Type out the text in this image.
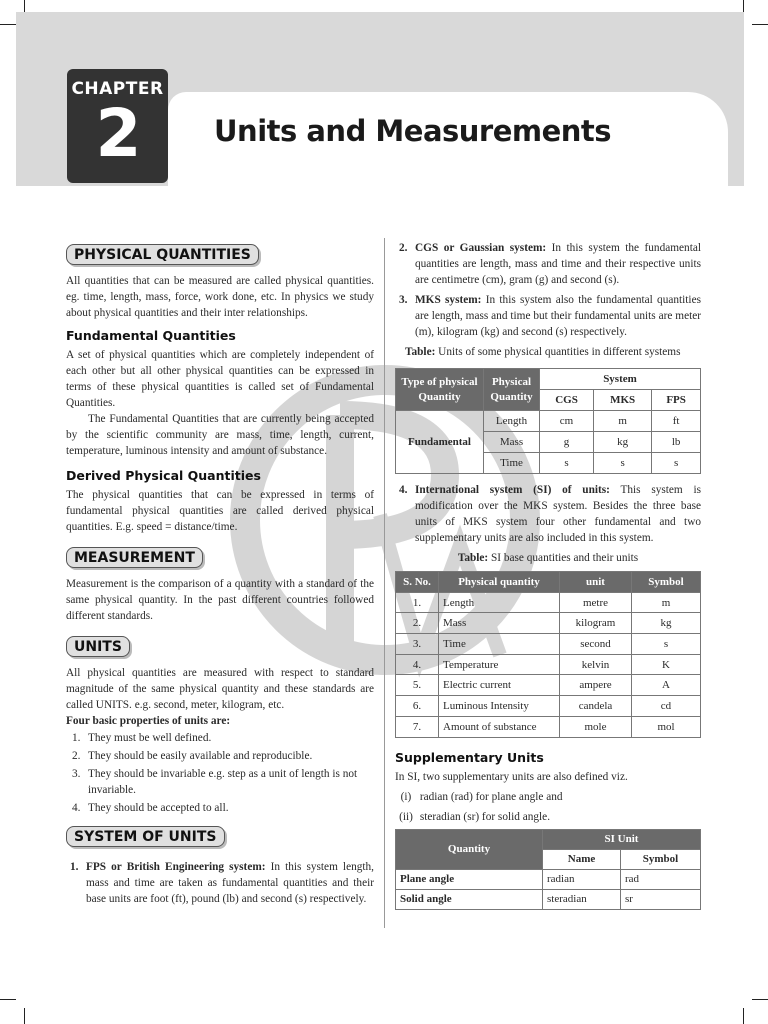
CHAPTER
2	Units and Measurements
PHYSICAL QUANTITIES

All quantities that can be measured are called physical quantities. eg. time, length, mass, force, work done, etc. In physics we study about physical quantities and their inter relationships.

Fundamental Quantities

A set of physical quantities which are completely independent of each other but all other physical quantities can be expressed in terms of these physical quantities is called set of Fundamental Quantities.

The Fundamental Quantities that are currently being accepted by the scientific community are mass, time, length, current, temperature, luminous intensity and amount of substance.

Derived Physical Quantities

The physical quantities that can be expressed in terms of fundamental physical quantities are called derived physical quantities. E.g. speed = distance/time.

MEASUREMENT

Measurement is the comparison of a quantity with a standard of the same physical quantity. In the past different countries followed different standards.

UNITS

All physical quantities are measured with respect to standard magnitude of the same physical quantity and these standards are called UNITS. e.g. second, meter, kilogram, etc.

Four basic properties of units are:

1. They must be well defined.
2. They should be easily available and reproducible.
3. They should be invariable e.g. step as a unit of length is not invariable.
4. They should be accepted to all.
SYSTEM OF UNITS
1. FPS or British Engineering system: In this system length, mass and time are taken as fundamental quantities and their base units are foot (ft), pound (lb) and second (s) respectively.
2. CGS or Gaussian system: In this system the fundamental quantities are length, mass and time and their respective units are centimetre (cm), gram (g) and second (s).
3. MKS system: In this system also the fundamental quantities are length, mass and time but their fundamental units are meter (m), kilogram (kg) and second (s) respectively.

Table: Units of some physical quantities in different systems

Type of physical Quantity	Physical Quantity	System		
		CGS	MKS	FPS
Fundamental	Length	cm	m	ft
	Mass	g	kg	lb
	Time	s	s	s
4. International system (SI) of units: This system is modification over the MKS system. Besides the three base units of MKS system four other fundamental and two supplementary units are also included in this system.

Table: SI base quantities and their units

S. No.	Physical quantity	unit	Symbol
1.	Length	metre	m
2.	Mass	kilogram	kg
3.	Time	second	s
4.	Temperature	kelvin	K
5.	Electric current	ampere	A
6.	Luminous Intensity	candela	cd
7.	Amount of substance	mole	mol
Supplementary Units

In SI, two supplementary units are also defined viz.

(i) radian (rad) for plane angle and
(ii) steradian (sr) for solid angle.
Quantity	SI Unit	
	Name	Symbol
Plane angle	radian	rad
Solid angle	steradian	sr
